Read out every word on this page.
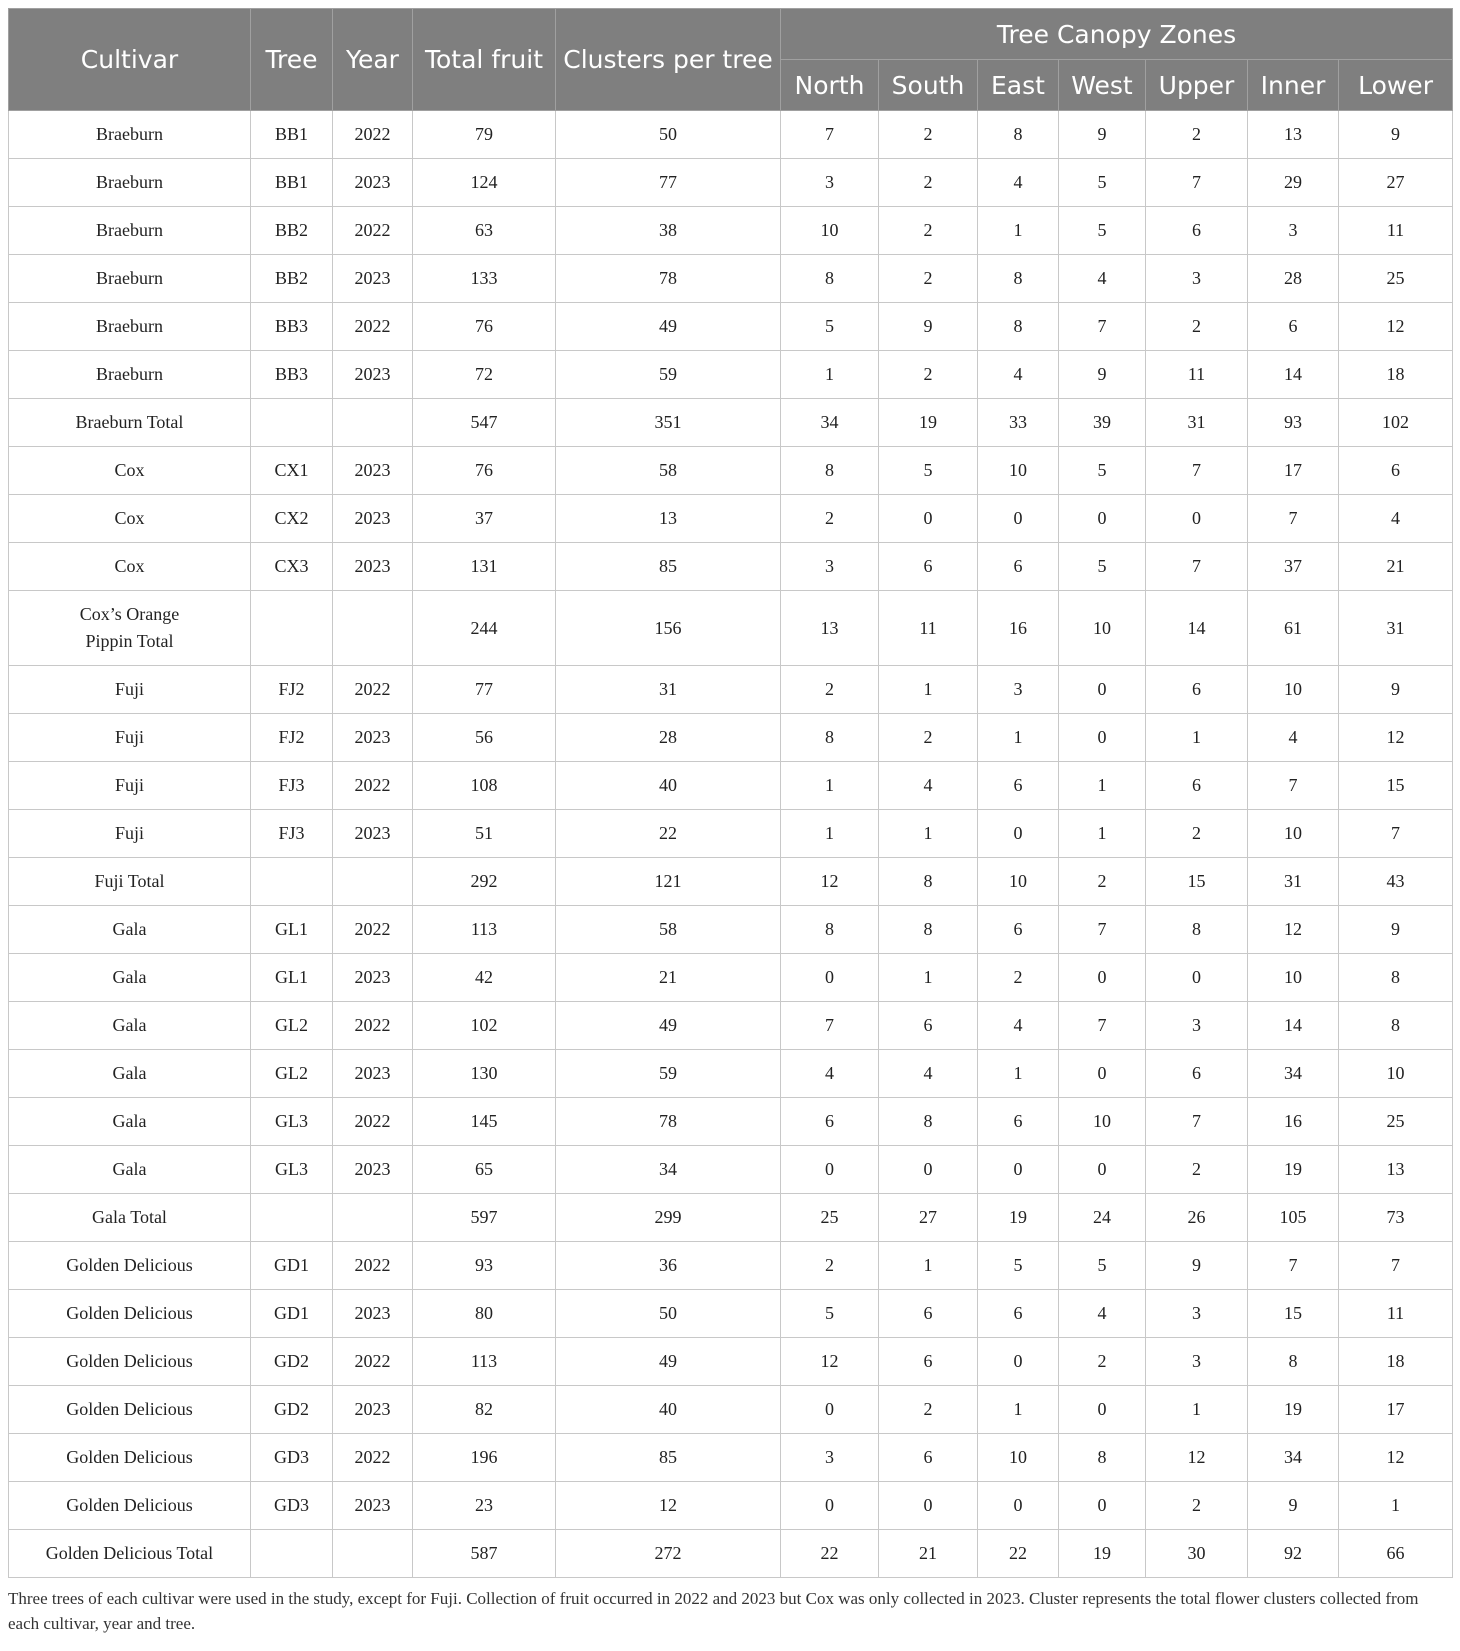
Cultivar	Tree	Year	Total fruit	Clusters per tree	Tree Canopy Zones						
					North	South	East	West	Upper	Inner	Lower
Braeburn	BB1	2022	79	50	7	2	8	9	2	13	9
Braeburn	BB1	2023	124	77	3	2	4	5	7	29	27
Braeburn	BB2	2022	63	38	10	2	1	5	6	3	11
Braeburn	BB2	2023	133	78	8	2	8	4	3	28	25
Braeburn	BB3	2022	76	49	5	9	8	7	2	6	12
Braeburn	BB3	2023	72	59	1	2	4	9	11	14	18
Braeburn Total			547	351	34	19	33	39	31	93	102
Cox	CX1	2023	76	58	8	5	10	5	7	17	6
Cox	CX2	2023	37	13	2	0	0	0	0	7	4
Cox	CX3	2023	131	85	3	6	6	5	7	37	21
Cox’s Orange Pippin Total			244	156	13	11	16	10	14	61	31
Fuji	FJ2	2022	77	31	2	1	3	0	6	10	9
Fuji	FJ2	2023	56	28	8	2	1	0	1	4	12
Fuji	FJ3	2022	108	40	1	4	6	1	6	7	15
Fuji	FJ3	2023	51	22	1	1	0	1	2	10	7
Fuji Total			292	121	12	8	10	2	15	31	43
Gala	GL1	2022	113	58	8	8	6	7	8	12	9
Gala	GL1	2023	42	21	0	1	2	0	0	10	8
Gala	GL2	2022	102	49	7	6	4	7	3	14	8
Gala	GL2	2023	130	59	4	4	1	0	6	34	10
Gala	GL3	2022	145	78	6	8	6	10	7	16	25
Gala	GL3	2023	65	34	0	0	0	0	2	19	13
Gala Total			597	299	25	27	19	24	26	105	73
Golden Delicious	GD1	2022	93	36	2	1	5	5	9	7	7
Golden Delicious	GD1	2023	80	50	5	6	6	4	3	15	11
Golden Delicious	GD2	2022	113	49	12	6	0	2	3	8	18
Golden Delicious	GD2	2023	82	40	0	2	1	0	1	19	17
Golden Delicious	GD3	2022	196	85	3	6	10	8	12	34	12
Golden Delicious	GD3	2023	23	12	0	0	0	0	2	9	1
Golden Delicious Total			587	272	22	21	22	19	30	92	66
Three trees of each cultivar were used in the study, except for Fuji. Collection of fruit occurred in 2022 and 2023 but Cox was only collected in 2023. Cluster represents the total flower clusters collected from each cultivar, year and tree.
